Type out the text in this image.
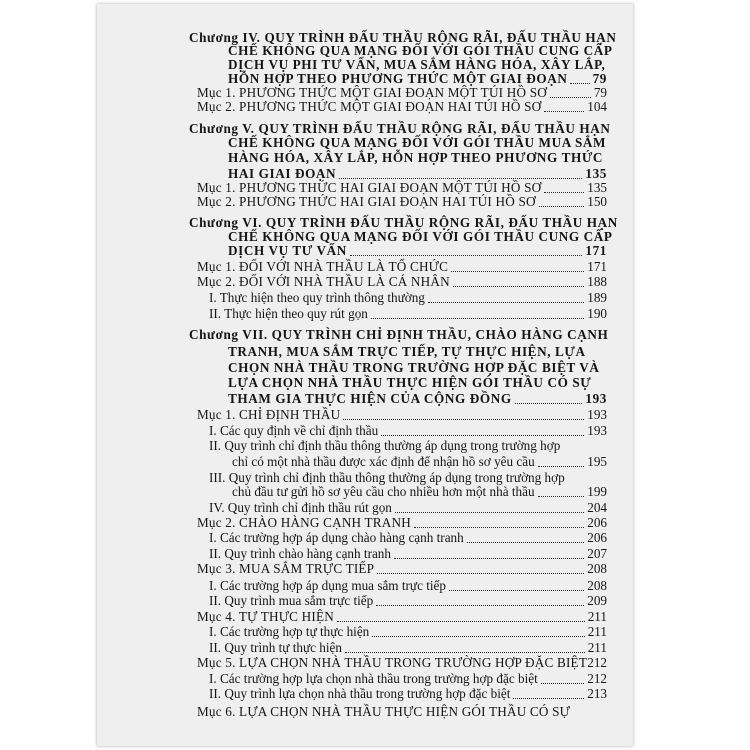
Chương IV. QUY TRÌNH ĐẤU THẦU RỘNG RÃI, ĐẤU THẦU HẠN
CHẾ KHÔNG QUA MẠNG ĐỐI VỚI GÓI THẦU CUNG CẤP
DỊCH VỤ PHI TƯ VẤN, MUA SẮM HÀNG HÓA, XÂY LẮP,
HỖN HỢP THEO PHƯƠNG THỨC MỘT GIAI ĐOẠN 79
Mục 1. PHƯƠNG THỨC MỘT GIAI ĐOẠN MỘT TÚI HỒ SƠ	79
Mục 2. PHƯƠNG THỨC MỘT GIAI ĐOẠN HAI TÚI HỒ SƠ	104
Chương V. QUY TRÌNH ĐẤU THẦU RỘNG RÃI, ĐẤU THẦU HẠN
CHẾ KHÔNG QUA MẠNG ĐỐI VỚI GÓI THẦU MUA SẮM
HÀNG HÓA, XÂY LẮP, HỖN HỢP THEO PHƯƠNG THỨC
HAI GIAI ĐOẠN	135
Mục 1. PHƯƠNG THỨC HAI GIAI ĐOẠN MỘT TÚI HỒ SƠ	135
Mục 2. PHƯƠNG THỨC HAI GIAI ĐOẠN HAI TÚI HỒ SƠ	150
Chương VI. QUY TRÌNH ĐẤU THẦU RỘNG RÃI, ĐẤU THẦU HẠN
CHẾ KHÔNG QUA MẠNG ĐỐI VỚI GÓI THẦU CUNG CẤP
DỊCH VỤ TƯ VẤN	171
Mục 1. ĐỐI VỚI NHÀ THẦU LÀ TỔ CHỨC	171
Mục 2. ĐỐI VỚI NHÀ THẦU LÀ CÁ NHÂN	188
I. Thực hiện theo quy trình thông thường	189
II. Thực hiện theo quy rút gọn	190
Chương VII. QUY TRÌNH CHỈ ĐỊNH THẦU, CHÀO HÀNG CẠNH
TRANH, MUA SẮM TRỰC TIẾP, TỰ THỰC HIỆN, LỰA
CHỌN NHÀ THẦU TRONG TRƯỜNG HỢP ĐẶC BIỆT VÀ
LỰA CHỌN NHÀ THẦU THỰC HIỆN GÓI THẦU CÓ SỰ
THAM GIA THỰC HIỆN CỦA CỘNG ĐỒNG	193
Mục 1. CHỈ ĐỊNH THẦU	193
I. Các quy định về chỉ định thầu	193
II. Quy trình chỉ định thầu thông thường áp dụng trong trường hợp
chỉ có một nhà thầu được xác định để nhận hồ sơ yêu cầu	195
III. Quy trình chỉ định thầu thông thường áp dụng trong trường hợp
chủ đầu tư gửi hồ sơ yêu cầu cho nhiều hơn một nhà thầu	199
IV. Quy trình chỉ định thầu rút gọn	204
Mục 2. CHÀO HÀNG CẠNH TRANH	206
I. Các trường hợp áp dụng chào hàng cạnh tranh	206
II. Quy trình chào hàng cạnh tranh	207
Mục 3. MUA SẮM TRỰC TIẾP	208
I. Các trường hợp áp dụng mua sắm trực tiếp	208
II. Quy trình mua sắm trực tiếp	209
Mục 4. TỰ THỰC HIỆN	211
I. Các trường hợp tự thực hiện	211
II. Quy trình tự thực hiện	211
Mục 5. LỰA CHỌN NHÀ THẦU TRONG TRƯỜNG HỢP ĐẶC BIỆT 212
I. Các trường hợp lựa chọn nhà thầu trong trường hợp đặc biệt	212
II. Quy trình lựa chọn nhà thầu trong trường hợp đặc biệt	213
Mục 6. LỰA CHỌN NHÀ THẦU THỰC HIỆN GÓI THẦU CÓ SỰ
